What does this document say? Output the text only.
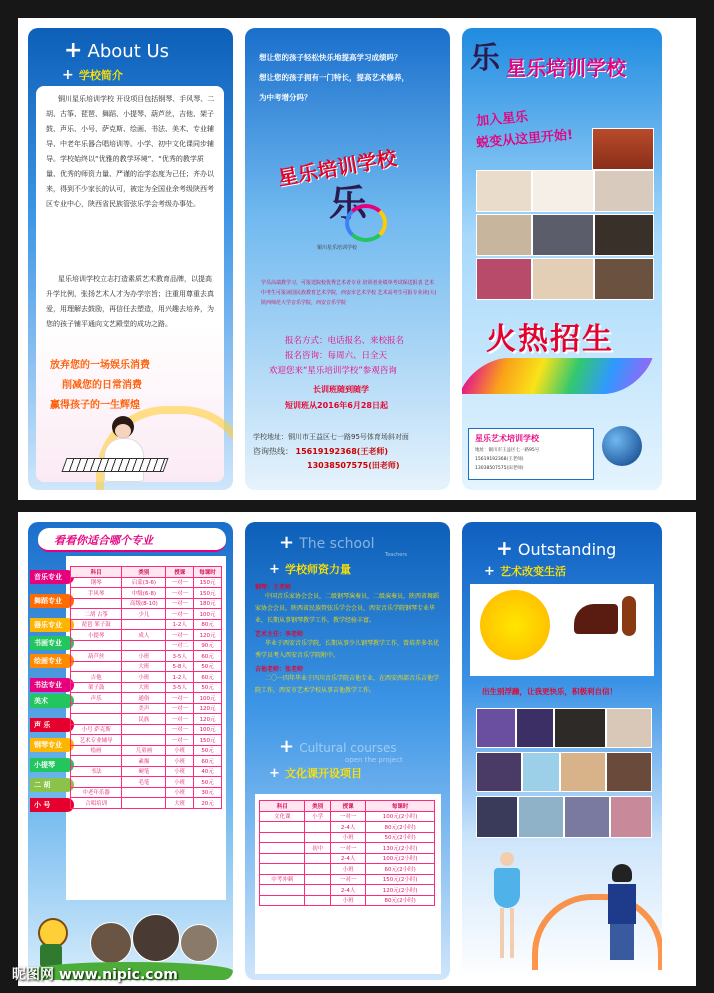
+ About Us
+ 学校简介
铜川星乐培训学校 开设项目包括钢琴、手风琴、二胡、古筝、琵琶、舞蹈、小提琴、葫芦丝、吉他、架子鼓、声乐、小号、萨克斯、绘画、书法、美术、专业辅导、中老年乐器合唱培训等。小学、初中文化课同步辅导。学校始终以“优雅的教学环境”、“优秀的教学质量、优秀的师资力量、严谨的治学态度为己任；齐办以来，得到不少家长的认可，被定为全国业余考级陕西考区专业中心，陕西省民族管弦乐学会考级办事处。
星乐培训学校立志打造素质艺术教育品牌，以提高升学比例，张扬艺术人才为办学宗旨；注重用尊重去真爱，用理解去鼓励，再信任去塑造，用兴趣去培养，为您的孩子铺平通向文艺殿堂的成功之路。
放弃您的一场娱乐消费
削减您的日常消费
赢得孩子的一生辉煌
想让您的孩子轻松快乐地提高学习成绩吗？
想让您的孩子拥有一门特长，提高艺术修养，
为中考增分吗？
星乐培训学校
乐
铜川星乐培训学校
学员高端教学习，可报送院校优秀艺术者专业 培训者业绩单考试保送报表 艺术中考生可报读国民族教育艺术学院，西安市艺术学校 艺术高考生可报专业读(大)陕西师范大学音乐学院，西安音乐学院
报名方式：电话报名、来校报名
报名咨询：每周六、日全天
欢迎您来“星乐培训学校”参观咨询
长训班随到随学
短训班从2016年6月28日起
学校地址：铜川市王益区七一路95号体育场斜对面
咨询热线： 15619192368(王老师)
13038507575(田老师)
乐 星乐培训学校
加入星乐
蜕变从这里开始!
火热招生
星乐艺术培训学校
地址：铜川市王益区七一路95号
15619192368(王老师)
13038507575(田老师)
看看你适合哪个专业
音乐专业
舞蹈专业
器乐专业
书画专业
绘画专业
书法专业
美术
声 乐
钢琴专业
小提琴
二 胡
小 号
科目	类别	授课	每课时
钢琴	启蒙(3-6)	一对一	150元
手风琴	中级(6-8)	一对一	150元
	高级(8-10)	一对一	180元
二胡 古筝	少儿	一对一	100元
琵琶 架子鼓		1-2人	80元
小提琴	成人	一对一	120元
		一对二	90元
葫芦丝	小班	3-5人	60元
	大班	5-8人	50元
吉他	小班	1-2人	60元
架子鼓	大班	3-5人	50元
声乐	通俗	一对一	100元
	美声	一对一	120元
	民族	一对一	120元
小号 萨克斯		一对一	100元
艺术专业辅导		一对一	150元
绘画	儿童画	小班	50元
	素描	小班	60元
书法	硬笔	小班	40元
	毛笔	小班	50元
中老年乐器		小班	30元
合唱培训		大班	20元
+ The school
Teachers
+ 学校师资力量
钢琴：王老师
中国音乐家协会会员，二级钢琴演奏员，二级演奏员，陕西省舞蹈家协会会员，陕西省民族管弦乐学会会员，西安音乐学院钢琴专业毕业，长期从事钢琴教学工作，教学经验丰富。
艺术主任：李老师
毕业于西安音乐学院，长期从事少儿钢琴教学工作，曾培养多名优秀学员考入西安音乐学院附中。
吉他老师：张老师
二〇一四年毕业于四川音乐学院吉他专业，在西安西部音乐吉他学院工作，西安市艺术学校从事吉他教学工作。
+ Cultural courses
open the project
+ 文化课开设项目
科目	类别	授课	每课时
文化课	小学	一对一	100元(2小时)
		2-4人	80元(2小时)
		小班	50元(2小时)
	初中	一对一	130元(2小时)
		2-4人	100元(2小时)
		小班	60元(2小时)
中考冲刺		一对一	150元(2小时)
		2-4人	120元(2小时)
		小班	80元(2小时)
+ Outstanding
+ 艺术改变生活
出生别浮躁，让我更快乐，积极利自信！
昵图网 www.nipic.com	ID:499098 NO:20160803151107920000
